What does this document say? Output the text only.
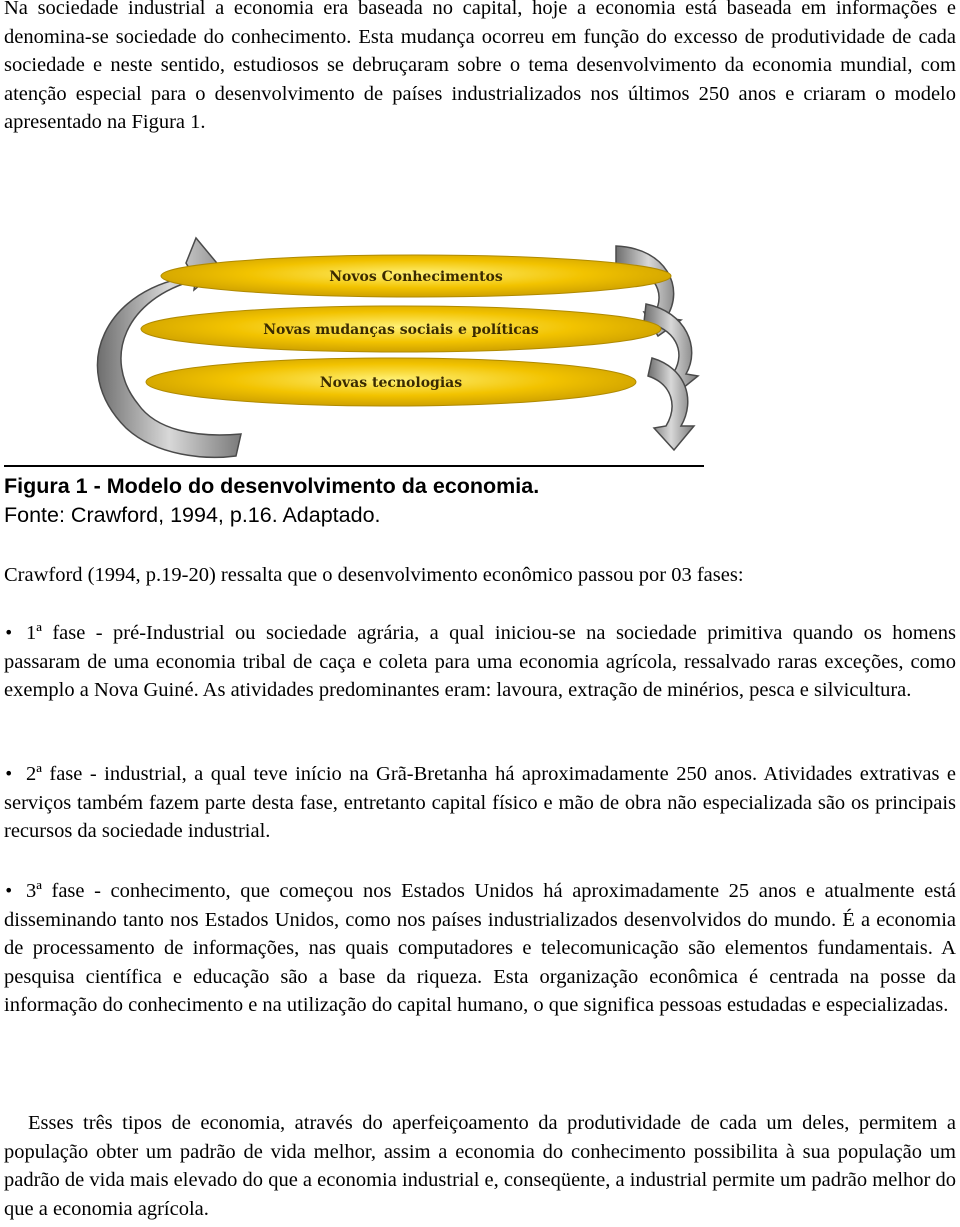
Na sociedade industrial a economia era baseada no capital, hoje a economia está baseada em informações e denomina-se sociedade do conhecimento. Esta mudança ocorreu em função do excesso de produtividade de cada sociedade e neste sentido, estudiosos se debruçaram sobre o tema desenvolvimento da economia mundial, com atenção especial para o desenvolvimento de países industrializados nos últimos 250 anos e criaram o modelo apresentado na Figura 1.

Novos Conhecimentos
Novas mudanças sociais e políticas
Novas tecnologias
Figura 1 - Modelo do desenvolvimento da economia.
Fonte: Crawford, 1994, p.16. Adaptado.

Crawford (1994, p.19-20) ressalta que o desenvolvimento econômico passou por 03 fases:

• 1ª fase - pré-Industrial ou sociedade agrária, a qual iniciou-se na sociedade primitiva quando os homens passaram de uma economia tribal de caça e coleta para uma economia agrícola, ressalvado raras exceções, como exemplo a Nova Guiné. As atividades predominantes eram: lavoura, extração de minérios, pesca e silvicultura.

• 2ª fase - industrial, a qual teve início na Grã-Bretanha há aproximadamente 250 anos. Atividades extrativas e serviços também fazem parte desta fase, entretanto capital físico e mão de obra não especializada são os principais recursos da sociedade industrial.

• 3ª fase - conhecimento, que começou nos Estados Unidos há aproximadamente 25 anos e atualmente está disseminando tanto nos Estados Unidos, como nos países industrializados desenvolvidos do mundo. É a economia de processamento de informações, nas quais computadores e telecomunicação são elementos fundamentais. A pesquisa científica e educação são a base da riqueza. Esta organização econômica é centrada na posse da informação do conhecimento e na utilização do capital humano, o que significa pessoas estudadas e especializadas.

Esses três tipos de economia, através do aperfeiçoamento da produtividade de cada um deles, permitem a população obter um padrão de vida melhor, assim a economia do conhecimento possibilita à sua população um padrão de vida mais elevado do que a economia industrial e, conseqüente, a industrial permite um padrão melhor do que a economia agrícola.
